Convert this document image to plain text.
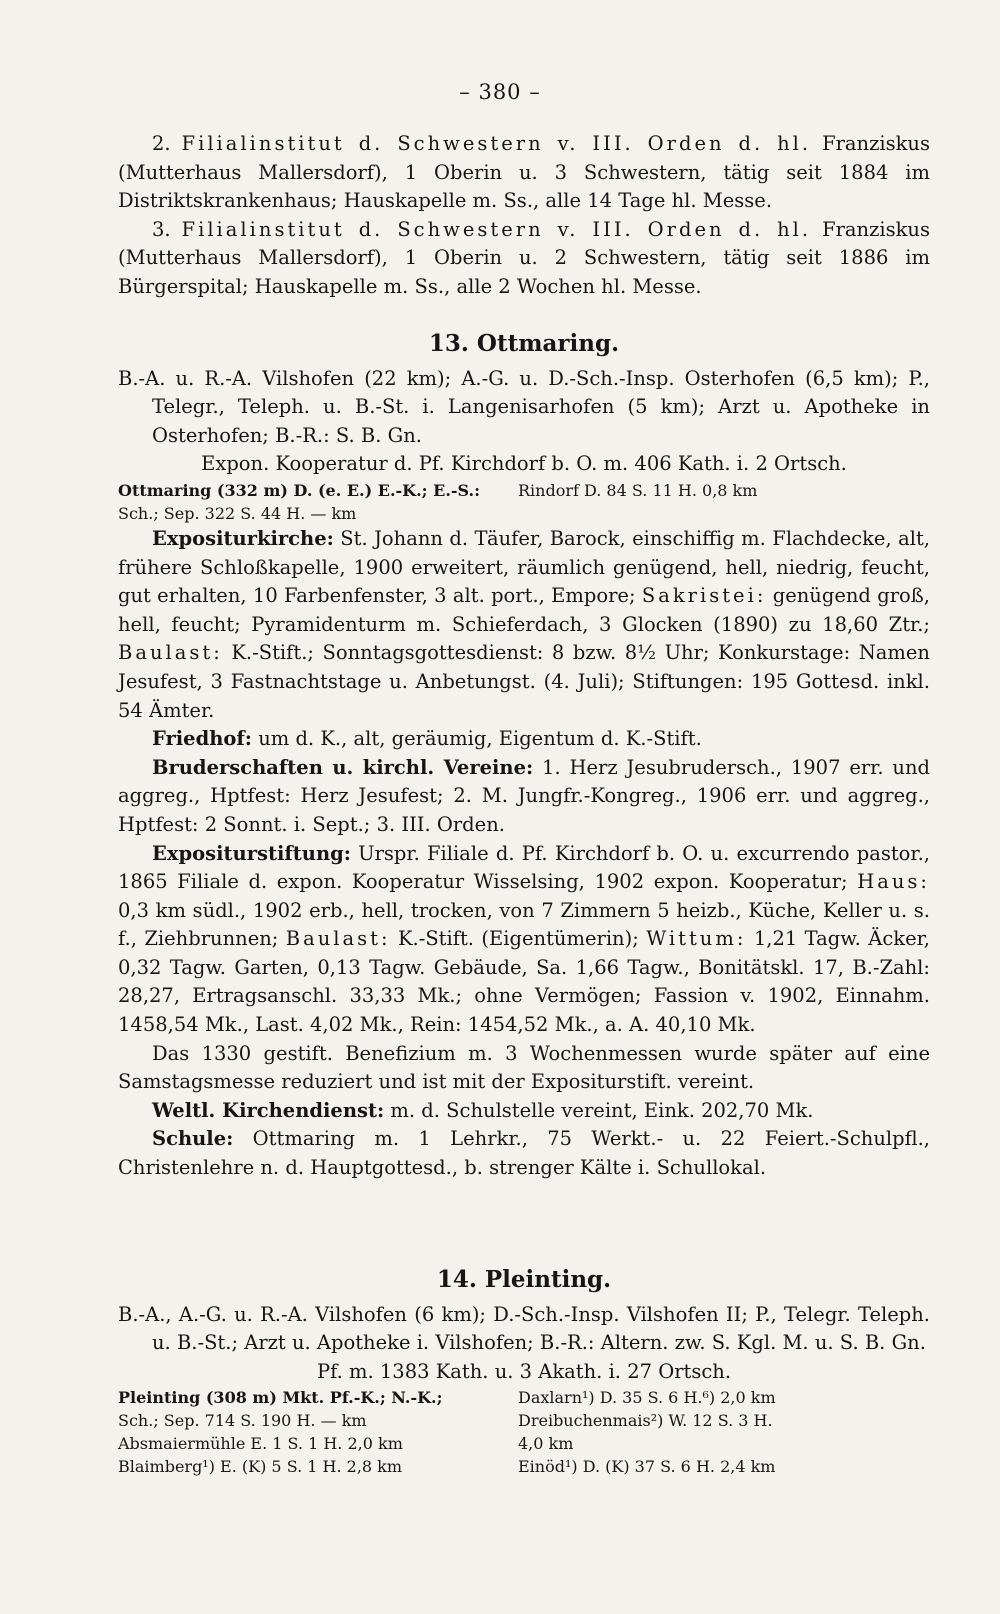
– 380 –

2. Filialinstitut d. Schwestern v. III. Orden d. hl. Franziskus (Mutterhaus Mallersdorf), 1 Oberin u. 3 Schwestern, tätig seit 1884 im Distriktskrankenhaus; Hauskapelle m. Ss., alle 14 Tage hl. Messe.

3. Filialinstitut d. Schwestern v. III. Orden d. hl. Franziskus (Mutterhaus Mallersdorf), 1 Oberin u. 2 Schwestern, tätig seit 1886 im Bürgerspital; Hauskapelle m. Ss., alle 2 Wochen hl. Messe.

13. Ottmaring.

B.-A. u. R.-A. Vilshofen (22 km); A.-G. u. D.-Sch.-Insp. Osterhofen (6,5 km); P., Telegr., Teleph. u. B.-St. i. Langenisarhofen (5 km); Arzt u. Apotheke in Osterhofen; B.-R.: S. B. Gn.

Expon. Kooperatur d. Pf. Kirchdorf b. O. m. 406 Kath. i. 2 Ortsch.

Ottmaring (332 m) D. (e. E.) E.-K.; E.-S.: Rindorf D. 84 S. 11 H. 0,8 km
Sch.; Sep. 322 S. 44 H. — km

Expositurkirche: St. Johann d. Täufer, Barock, einschiffig m. Flachdecke, alt, frühere Schloßkapelle, 1900 erweitert, räumlich genügend, hell, niedrig, feucht, gut erhalten, 10 Farbenfenster, 3 alt. port., Empore; Sakristei: genügend groß, hell, feucht; Pyramidenturm m. Schieferdach, 3 Glocken (1890) zu 18,60 Ztr.; Baulast: K.-Stift.; Sonntagsgottesdienst: 8 bzw. 8½ Uhr; Konkurstage: Namen Jesufest, 3 Fastnachtstage u. Anbetungst. (4. Juli); Stiftungen: 195 Gottesd. inkl. 54 Ämter.

Friedhof: um d. K., alt, geräumig, Eigentum d. K.-Stift.

Bruderschaften u. kirchl. Vereine: 1. Herz Jesubrudersch., 1907 err. und aggreg., Hptfest: Herz Jesufest; 2. M. Jungfr.-Kongreg., 1906 err. und aggreg., Hptfest: 2 Sonnt. i. Sept.; 3. III. Orden.

Expositurstiftung: Urspr. Filiale d. Pf. Kirchdorf b. O. u. excurrendo pastor., 1865 Filiale d. expon. Kooperatur Wisselsing, 1902 expon. Kooperatur; Haus: 0,3 km südl., 1902 erb., hell, trocken, von 7 Zimmern 5 heizb., Küche, Keller u. s. f., Ziehbrunnen; Baulast: K.-Stift. (Eigentümerin); Wittum: 1,21 Tagw. Äcker, 0,32 Tagw. Garten, 0,13 Tagw. Gebäude, Sa. 1,66 Tagw., Bonitätskl. 17, B.-Zahl: 28,27, Ertragsanschl. 33,33 Mk.; ohne Vermögen; Fassion v. 1902, Einnahm. 1458,54 Mk., Last. 4,02 Mk., Rein: 1454,52 Mk., a. A. 40,10 Mk.

Das 1330 gestift. Benefizium m. 3 Wochenmessen wurde später auf eine Samstagsmesse reduziert und ist mit der Expositurstift. vereint.

Weltl. Kirchendienst: m. d. Schulstelle vereint, Eink. 202,70 Mk.

Schule: Ottmaring m. 1 Lehrkr., 75 Werkt.- u. 22 Feiert.-Schulpfl., Christenlehre n. d. Hauptgottesd., b. strenger Kälte i. Schullokal.

14. Pleinting.

B.-A., A.-G. u. R.-A. Vilshofen (6 km); D.-Sch.-Insp. Vilshofen II; P., Telegr. Teleph. u. B.-St.; Arzt u. Apotheke i. Vilshofen; B.-R.: Altern. zw. S. Kgl. M. u. S. B. Gn.

Pf. m. 1383 Kath. u. 3 Akath. i. 27 Ortsch.

Pleinting (308 m) Mkt. Pf.-K.; N.-K.;	Daxlarn¹) D. 35 S. 6 H.⁶) 2,0 km
Sch.; Sep. 714 S. 190 H. — km	Dreibuchenmais²) W. 12 S. 3 H.
Absmaiermühle E. 1 S. 1 H. 2,0 km	4,0 km
Blaimberg¹) E. (K) 5 S. 1 H. 2,8 km	Einöd¹) D. (K) 37 S. 6 H. 2,4 km
